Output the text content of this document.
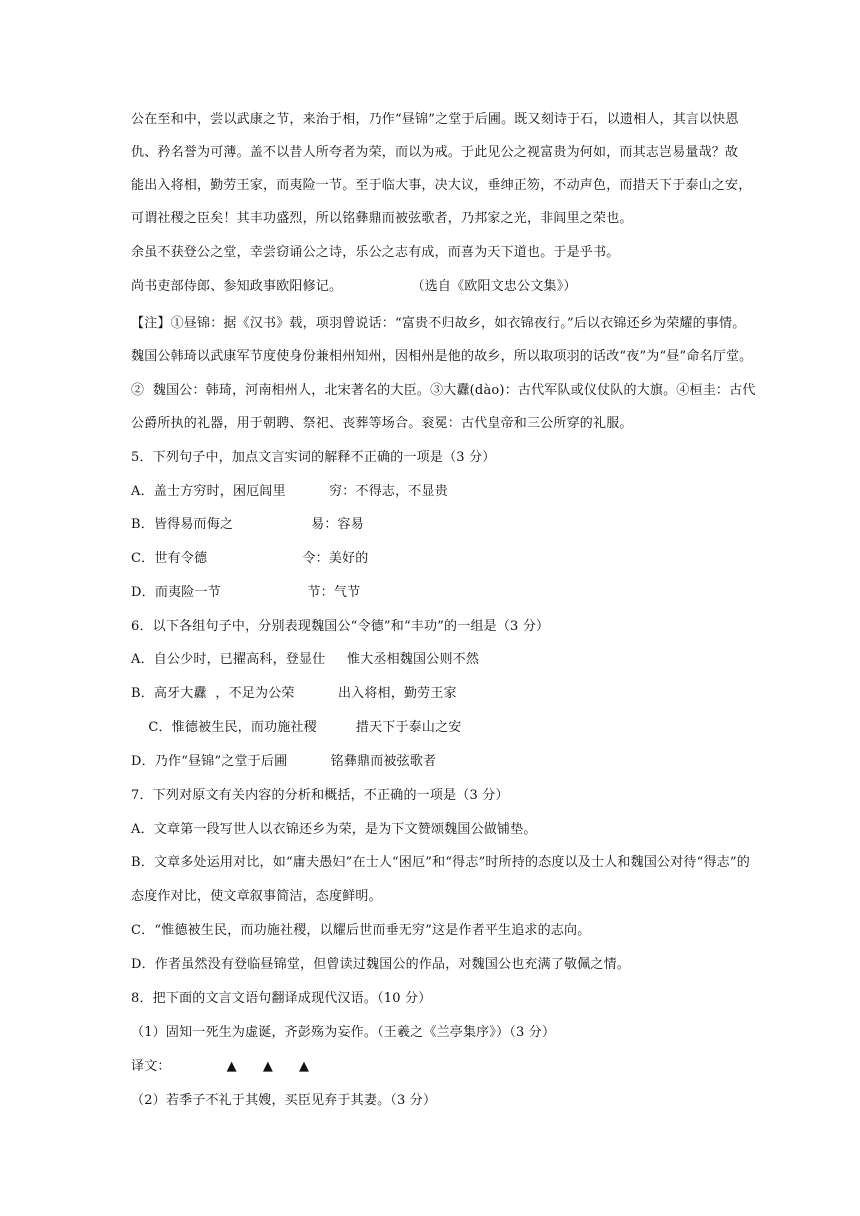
公在至和中，尝以武康之节，来治于相，乃作“昼锦”之堂于后圃。既又刻诗于石，以遗相人，其言以快恩
仇、矜名誉为可薄。盖不以昔人所夸者为荣，而以为戒。于此见公之视富贵为何如，而其志岂易量哉？故
能出入将相，勤劳王家，而夷险一节。至于临大事，决大议，垂绅正笏，不动声色，而措天下于泰山之安，
可谓社稷之臣矣！其丰功盛烈，所以铭彝鼎而被弦歌者，乃邦家之光，非闾里之荣也。
余虽不获登公之堂，幸尝窃诵公之诗，乐公之志有成，而喜为天下道也。于是乎书。
尚书吏部侍郎、参知政事欧阳修记。                （选自《欧阳文忠公文集》）
【注】①昼锦：据《汉书》载，项羽曾说话：“富贵不归故乡，如衣锦夜行。”后以衣锦还乡为荣耀的事情。
魏国公韩琦以武康军节度使身份兼相州知州，因相州是他的故乡，所以取项羽的话改“夜”为“昼”命名厅堂。
②  魏国公：韩琦，河南相州人，北宋著名的大臣。③大纛(dào)：古代军队或仪仗队的大旗。④桓圭：古代
公爵所执的礼器，用于朝聘、祭祀、丧葬等场合。衮冕：古代皇帝和三公所穿的礼服。
5．下列句子中，加点文言实词的解释不正确的一项是（3 分）
A．盖士方穷时，困厄闾里          穷：不得志，不显贵
B．皆得易而侮之                  易：容易
C．世有令德                      令：美好的
D．而夷险一节                    节：气节
6．以下各组句子中，分别表现魏国公“令德”和“丰功”的一组是（3 分）
A．自公少时，已擢高科，登显仕     惟大丞相魏国公则不然
B．高牙大纛  ，不足为公荣          出入将相，勤劳王家
C．惟德被生民，而功施社稷         措天下于泰山之安
D．乃作“昼锦”之堂于后圃          铭彝鼎而被弦歌者
7．下列对原文有关内容的分析和概括，不正确的一项是（3 分）
A．文章第一段写世人以衣锦还乡为荣，是为下文赞颂魏国公做铺垫。
B．文章多处运用对比，如“庸夫愚妇”在士人“困厄”和“得志”时所持的态度以及士人和魏国公对待“得志”的
态度作对比，使文章叙事简洁，态度鲜明。
C．“惟德被生民，而功施社稷，以耀后世而垂无穷”这是作者平生追求的志向。
D．作者虽然没有登临昼锦堂，但曾读过魏国公的作品，对魏国公也充满了敬佩之情。
8．把下面的文言文语句翻译成现代汉语。（10 分）
（1）固知一死生为虚诞，齐彭殇为妄作。（王羲之《兰亭集序》）（3 分）
译文：	▲ ▲ ▲
（2）若季子不礼于其嫂，买臣见弃于其妻。（3 分）
